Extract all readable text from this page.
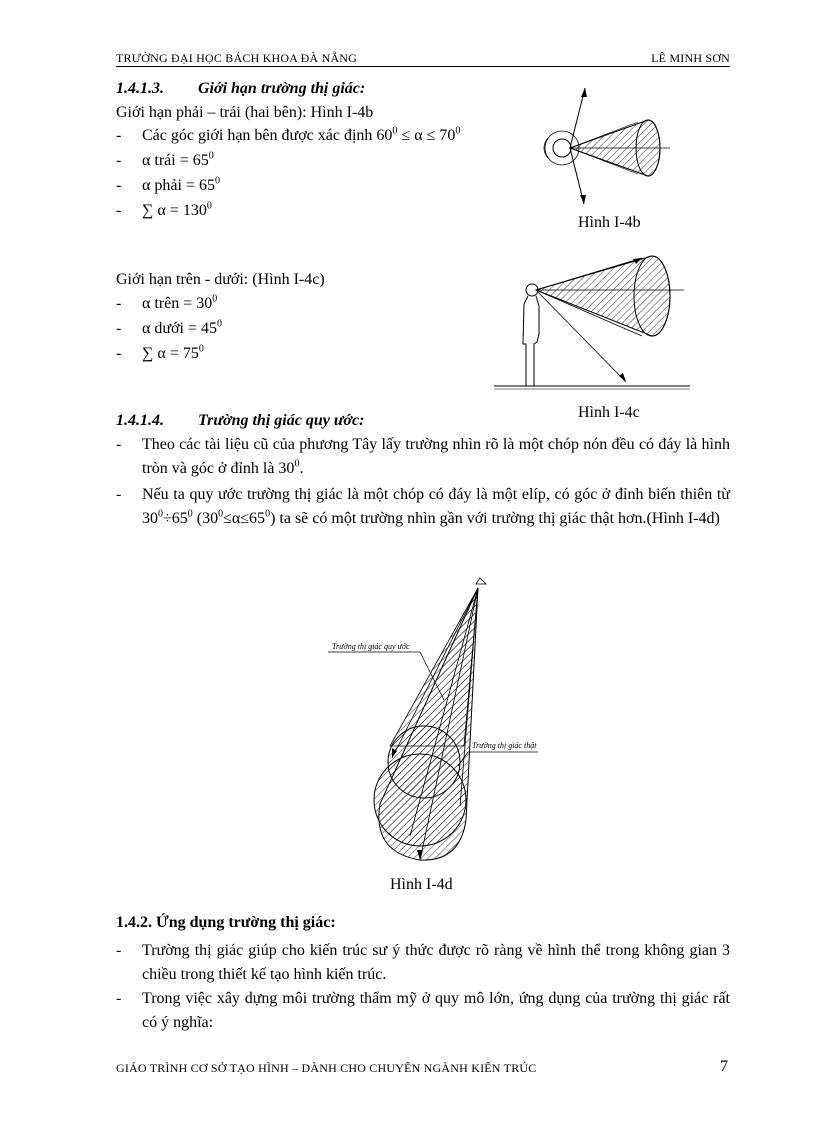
TRƯỜNG ĐẠI HỌC BÁCH KHOA ĐÀ NẴNG	LÊ MINH SƠN
1.4.1.3. Giới hạn trường thị giác:
Giới hạn phải – trái (hai bên): Hình I-4b
- Các góc giới hạn bên được xác định $60^0 \le \alpha \le 70^0$
- α trái = $65^0$
- α phải = $65^0$
- ∑ $\alpha = 130^0$
Hình I-4b
Giới hạn trên - dưới: (Hình I-4c)
- α trên = $30^0$
- α dưới = $45^0$
- ∑ $\alpha = 75^0$
Hình I-4c
1.4.1.4. Trường thị giác quy ước:
- Theo các tài liệu cũ của phương Tây lấy trường nhìn rõ là một chóp nón đều có đáy là hình tròn và góc ở đỉnh là $30^0$.
- Nếu ta quy ước trường thị giác là một chóp có đáy là một elíp, có góc ở đỉnh biến thiên từ $30^0\div 65^0$ $(30^0\le\alpha\le 65^0)$ ta sẽ có một trường nhìn gần với trường thị giác thật hơn.(Hình I-4d)
Trường thị giác quy ước
Trường thị giác thật
Hình I-4d
1.4.2. Ứng dụng trường thị giác:
- Trường thị giác giúp cho kiến trúc sư ý thức được rõ ràng về hình thể trong không gian 3 chiều trong thiết kế tạo hình kiến trúc.
- Trong việc xây dựng môi trường thẩm mỹ ở quy mô lớn, ứng dụng của trường thị giác rất có ý nghĩa:
GIÁO TRÌNH CƠ SỞ TẠO HÌNH – DÀNH CHO CHUYÊN NGÀNH KIẾN TRÚC	7
